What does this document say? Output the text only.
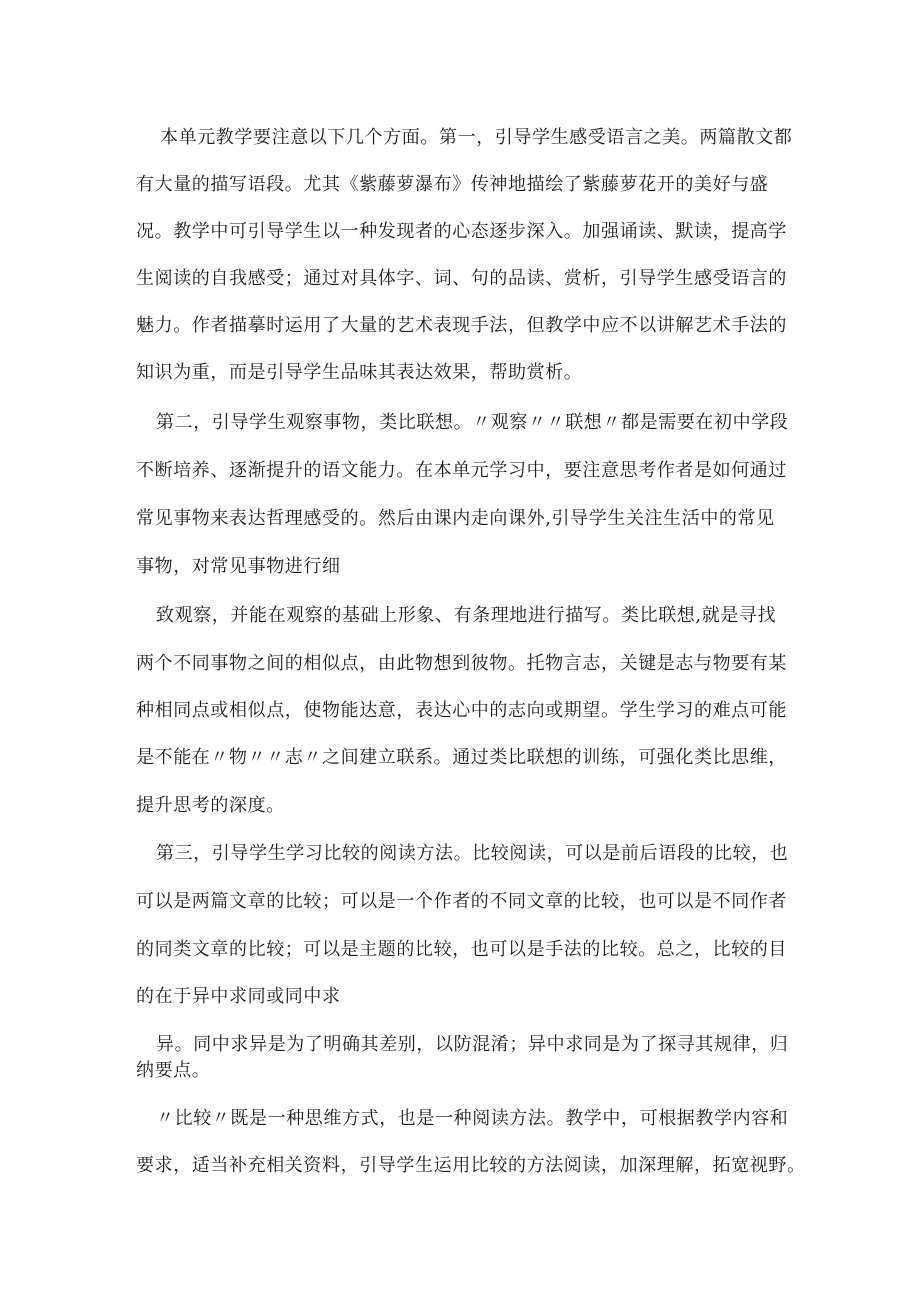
本单元教学要注意以下几个方面。第一，引导学生感受语言之美。两篇散文都
有大量的描写语段。尤其《紫藤萝瀑布》传神地描绘了紫藤萝花开的美好与盛
况。教学中可引导学生以一种发现者的心态逐步深入。加强诵读、默读，提高学
生阅读的自我感受；通过对具体字、词、句的品读、赏析，引导学生感受语言的
魅力。作者描摹时运用了大量的艺术表现手法，但教学中应不以讲解艺术手法的
知识为重，而是引导学生品味其表达效果，帮助赏析。
第二，引导学生观察事物，类比联想。〃观察〃〃联想〃都是需要在初中学段
不断培养、逐渐提升的语文能力。在本单元学习中，要注意思考作者是如何通过
常见事物来表达哲理感受的。然后由课内走向课外,引导学生关注生活中的常见
事物，对常见事物进行细
致观察，并能在观察的基础上形象、有条理地进行描写。类比联想,就是寻找
两个不同事物之间的相似点，由此物想到彼物。托物言志，关键是志与物要有某
种相同点或相似点，使物能达意，表达心中的志向或期望。学生学习的难点可能
是不能在〃物〃〃志〃之间建立联系。通过类比联想的训练，可强化类比思维，
提升思考的深度。
第三，引导学生学习比较的阅读方法。比较阅读，可以是前后语段的比较，也
可以是两篇文章的比较；可以是一个作者的不同文章的比较，也可以是不同作者
的同类文章的比较；可以是主题的比较，也可以是手法的比较。总之，比较的目
的在于异中求同或同中求
异。同中求异是为了明确其差别，以防混淆；异中求同是为了探寻其规律，归
纳要点。
〃比较〃既是一种思维方式，也是一种阅读方法。教学中，可根据教学内容和
要求，适当补充相关资料，引导学生运用比较的方法阅读，加深理解，拓宽视野。
